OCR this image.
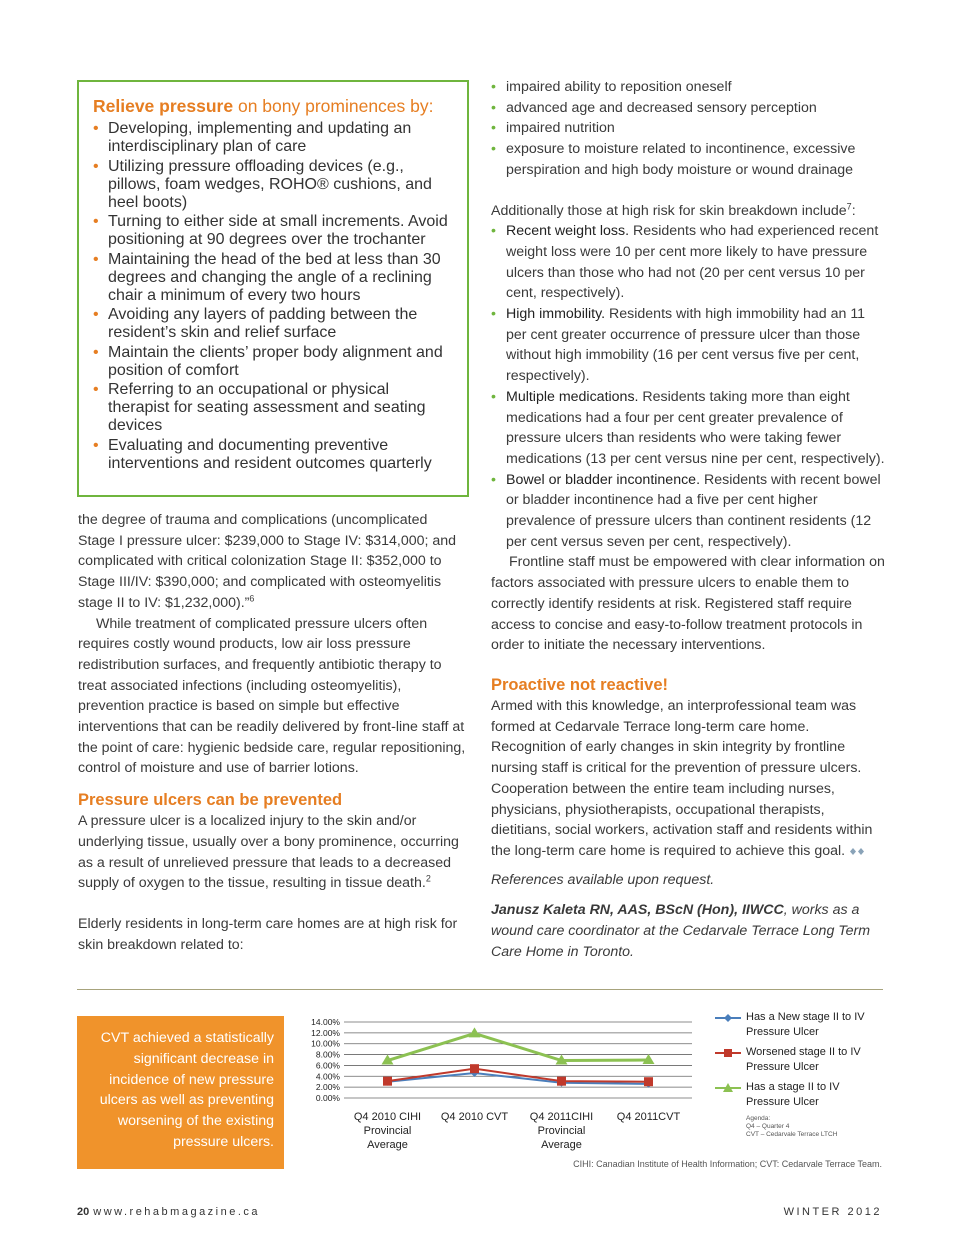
Relieve pressure on bony prominences by:
• Developing, implementing and updating an interdisciplinary plan of care
• Utilizing pressure offloading devices (e.g., pillows, foam wedges, ROHO® cushions, and heel boots)
• Turning to either side at small increments. Avoid positioning at 90 degrees over the trochanter
• Maintaining the head of the bed at less than 30 degrees and changing the angle of a reclining chair a minimum of every two hours
• Avoiding any layers of padding between the resident’s skin and relief surface
• Maintain the clients’ proper body alignment and position of comfort
• Referring to an occupational or physical therapist for seating assessment and seating devices
• Evaluating and documenting preventive interventions and resident outcomes quarterly

the degree of trauma and complications (uncomplicated Stage I pressure ulcer: $239,000 to Stage IV: $314,000; and complicated with critical colonization Stage II: $352,000 to Stage III/IV: $390,000; and complicated with osteomyelitis stage II to IV: $1,232,000).”$^6$

While treatment of complicated pressure ulcers often requires costly wound products, low air loss pressure redistribution surfaces, and frequently antibiotic therapy to treat associated infections (including osteomyelitis), prevention practice is based on simple but effective interventions that can be readily delivered by front-line staff at the point of care: hygienic bedside care, regular repositioning, control of moisture and use of barrier lotions.

Pressure ulcers can be prevented

A pressure ulcer is a localized injury to the skin and/or underlying tissue, usually over a bony prominence, occurring as a result of unrelieved pressure that leads to a decreased supply of oxygen to the tissue, resulting in tissue death.$^2$

Elderly residents in long-term care homes are at high risk for skin breakdown related to:

• impaired ability to reposition oneself
• advanced age and decreased sensory perception
• impaired nutrition
• exposure to moisture related to incontinence, excessive perspiration and high body moisture or wound drainage

Additionally those at high risk for skin breakdown include$^7$:

• Recent weight loss. Residents who had experienced recent weight loss were 10 per cent more likely to have pressure ulcers than those who had not (20 per cent versus 10 per cent, respectively).
• High immobility. Residents with high immobility had an 11 per cent greater occurrence of pressure ulcer than those without high immobility (16 per cent versus five per cent, respectively).
• Multiple medications. Residents taking more than eight medications had a four per cent greater prevalence of pressure ulcers than residents who were taking fewer medications (13 per cent versus nine per cent, respectively).
• Bowel or bladder incontinence. Residents with recent bowel or bladder incontinence had a five per cent higher prevalence of pressure ulcers than continent residents (12 per cent versus seven per cent, respectively).

Frontline staff must be empowered with clear information on factors associated with pressure ulcers to enable them to correctly identify residents at risk. Registered staff require access to concise and easy-to-follow treatment protocols in order to initiate the necessary interventions.

Proactive not reactive!

Armed with this knowledge, an interprofessional team was formed at Cedarvale Terrace long-term care home. Recognition of early changes in skin integrity by frontline nursing staff is critical for the prevention of pressure ulcers. Cooperation between the entire team including nurses, physicians, physiotherapists, occupational therapists, dietitians, social workers, activation staff and residents within the long-term care home is required to achieve this goal.

References available upon request.

Janusz Kaleta RN, AAS, BScN (Hon), IIWCC, works as a wound care coordinator at the Cedarvale Terrace Long Term Care Home in Toronto.

CVT achieved a statistically significant decrease in incidence of new pressure ulcers as well as preventing worsening of the existing pressure ulcers.
0.00%
2.00%
4.00%
6.00%
8.00%
10.00%
12.00%
14.00%
Q4 2010 CIHI
Provincial
Average
Q4 2010 CVT Q4 2011CIHI
Provincial
Average
Q4 2011CVT
Has a New stage II to IV
Pressure Ulcer
Worsened stage II to IV
Pressure Ulcer
Has a stage II to IV
Pressure Ulcer
Agenda:
Q4 – Quarter 4
CVT – Cedarvale Terrace LTCH
CIHI: Canadian Institute of Health Information; CVT: Cedarvale Terrace Team.
20 www.rehabmagazine.ca	WINTER 2012
